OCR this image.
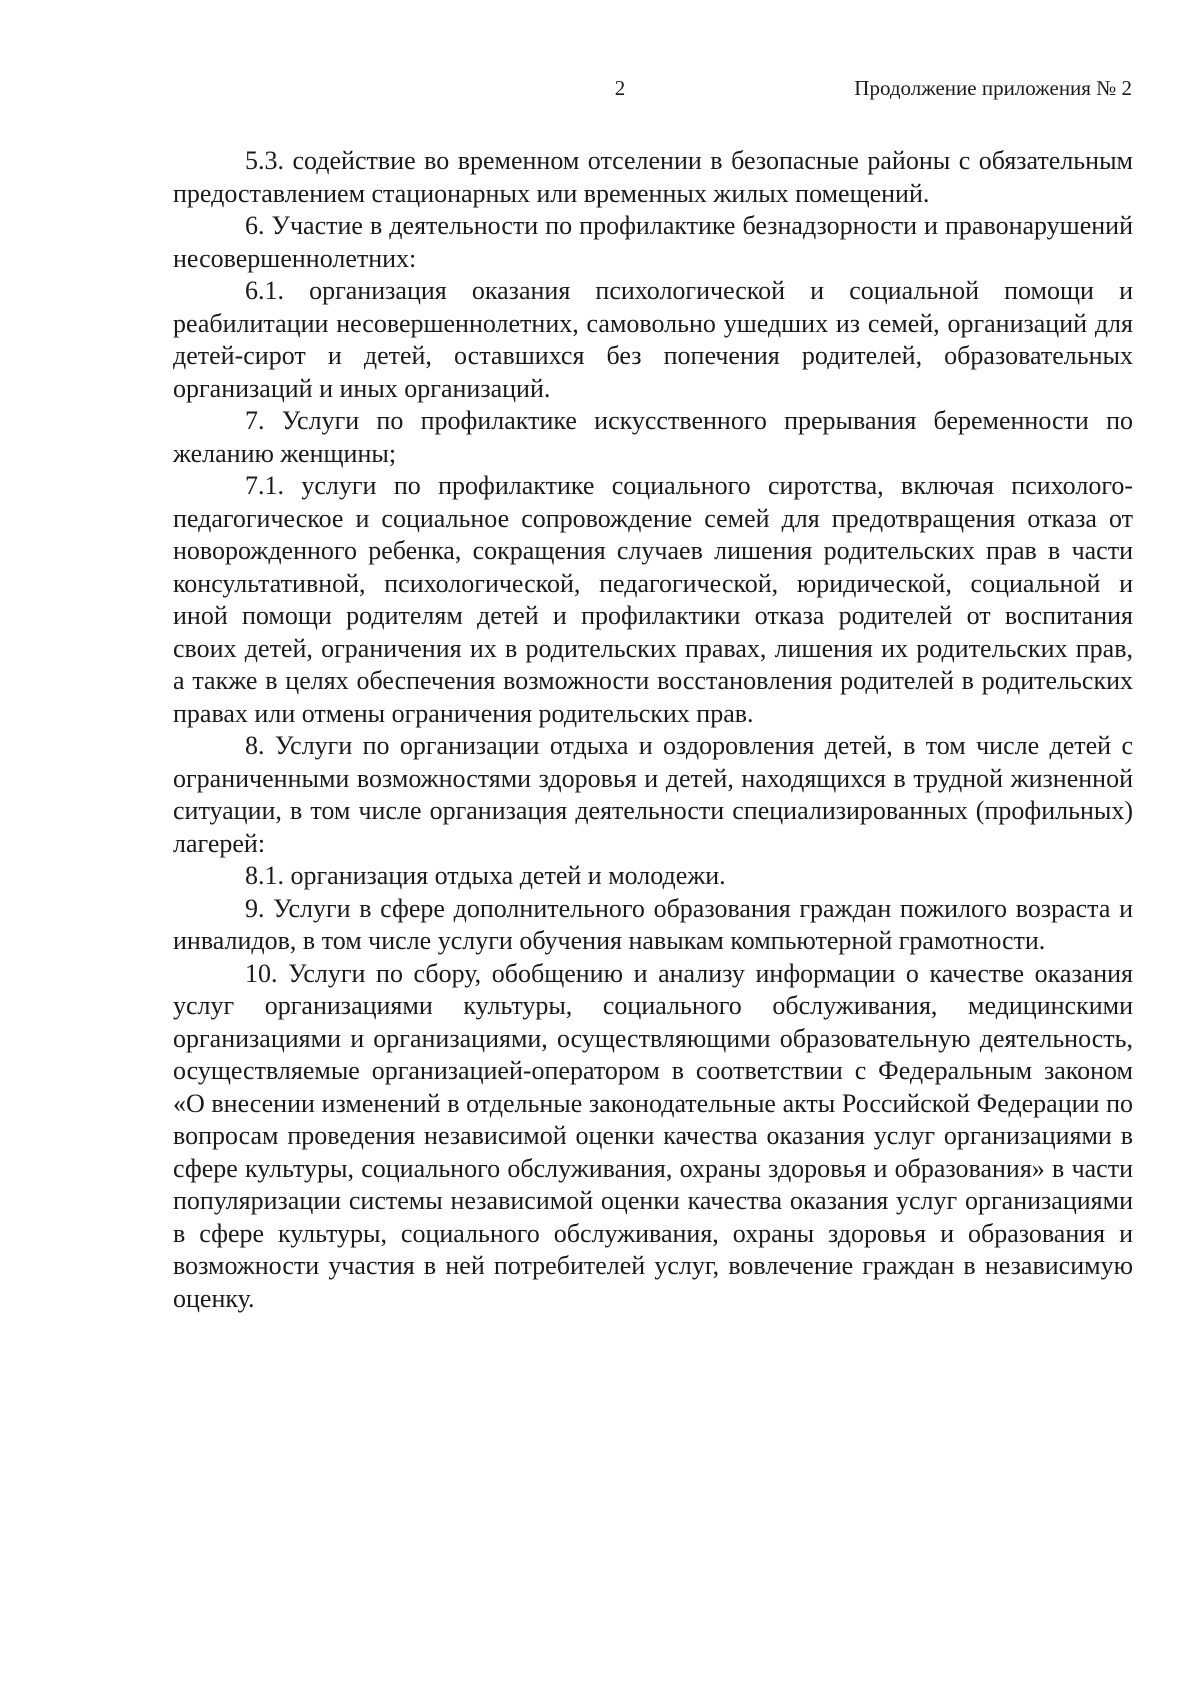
2	Продолжение приложения № 2

5.3. содействие во временном отселении в безопасные районы с обязательным предоставлением стационарных или временных жилых помещений.

6. Участие в деятельности по профилактике безнадзорности и правонарушений несовершеннолетних:

6.1. организация оказания психологической и социальной помощи и реабилитации несовершеннолетних, самовольно ушедших из семей, организаций для детей-сирот и детей, оставшихся без попечения родителей, образовательных организаций и иных организаций.

7. Услуги по профилактике искусственного прерывания беременности по желанию женщины;

7.1. услуги по профилактике социального сиротства, включая психолого-педагогическое и социальное сопровождение семей для предотвращения отказа от новорожденного ребенка, сокращения случаев лишения родительских прав в части консультативной, психологической, педагогической, юридической, социальной и иной помощи родителям детей и профилактики отказа родителей от воспитания своих детей, ограничения их в родительских правах, лишения их родительских прав, а также в целях обеспечения возможности восстановления родителей в родительских правах или отмены ограничения родительских прав.

8. Услуги по организации отдыха и оздоровления детей, в том числе детей с ограниченными возможностями здоровья и детей, находящихся в трудной жизненной ситуации, в том числе организация деятельности специализированных (профильных) лагерей:

8.1. организация отдыха детей и молодежи.

9. Услуги в сфере дополнительного образования граждан пожилого возраста и инвалидов, в том числе услуги обучения навыкам компьютерной грамотности.

10. Услуги по сбору, обобщению и анализу информации о качестве оказания услуг организациями культуры, социального обслуживания, медицинскими организациями и организациями, осуществляющими образовательную деятельность, осуществляемые организацией-оператором в соответствии с Федеральным законом «О внесении изменений в отдельные законодательные акты Российской Федерации по вопросам проведения независимой оценки качества оказания услуг организациями в сфере культуры, социального обслуживания, охраны здоровья и образования» в части популяризации системы независимой оценки качества оказания услуг организациями в сфере культуры, социального обслуживания, охраны здоровья и образования и возможности участия в ней потребителей услуг, вовлечение граждан в независимую оценку.
